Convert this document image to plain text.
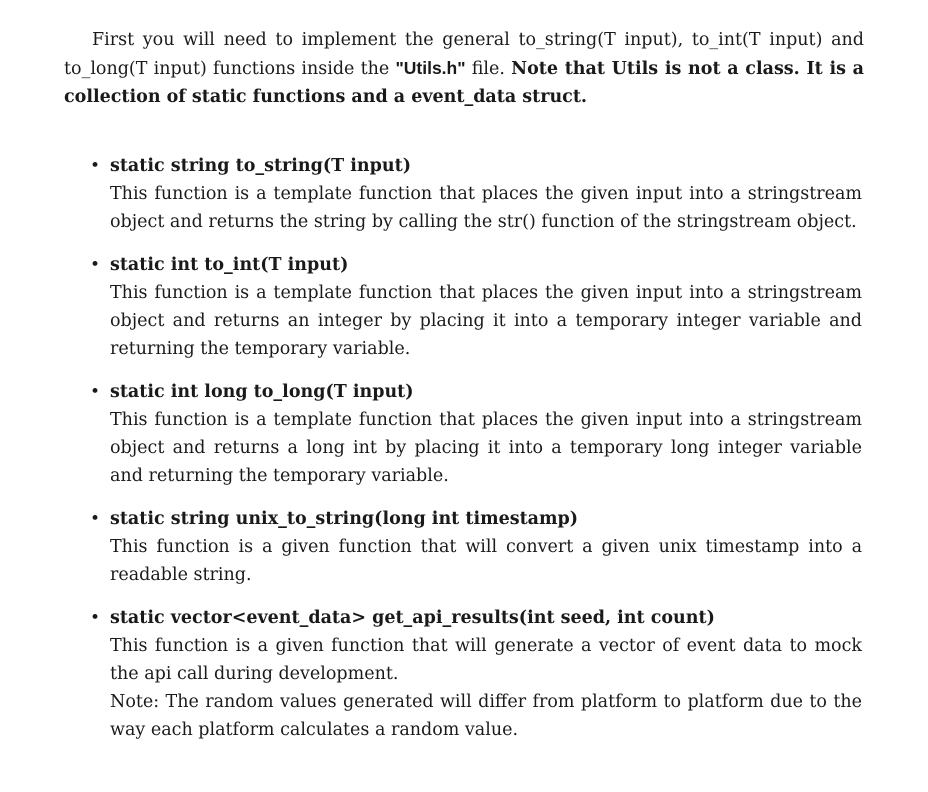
First you will need to implement the general to_string(T input), to_int(T input) and to_long(T input) functions inside the "Utils.h" file. Note that Utils is not a class. It is a collection of static functions and a event_data struct.

• static string to_string(T input)
This function is a template function that places the given input into a stringstream object and returns the string by calling the str() function of the stringstream object.
• static int to_int(T input)
This function is a template function that places the given input into a stringstream object and returns an integer by placing it into a temporary integer variable and returning the temporary variable.
• static int long to_long(T input)
This function is a template function that places the given input into a stringstream object and returns a long int by placing it into a temporary long integer variable and returning the temporary variable.
• static string unix_to_string(long int timestamp)
This function is a given function that will convert a given unix timestamp into a readable string.
• static vector<event_data> get_api_results(int seed, int count)
This function is a given function that will generate a vector of event data to mock the api call during development.
Note: The random values generated will differ from platform to platform due to the way each platform calculates a random value.
